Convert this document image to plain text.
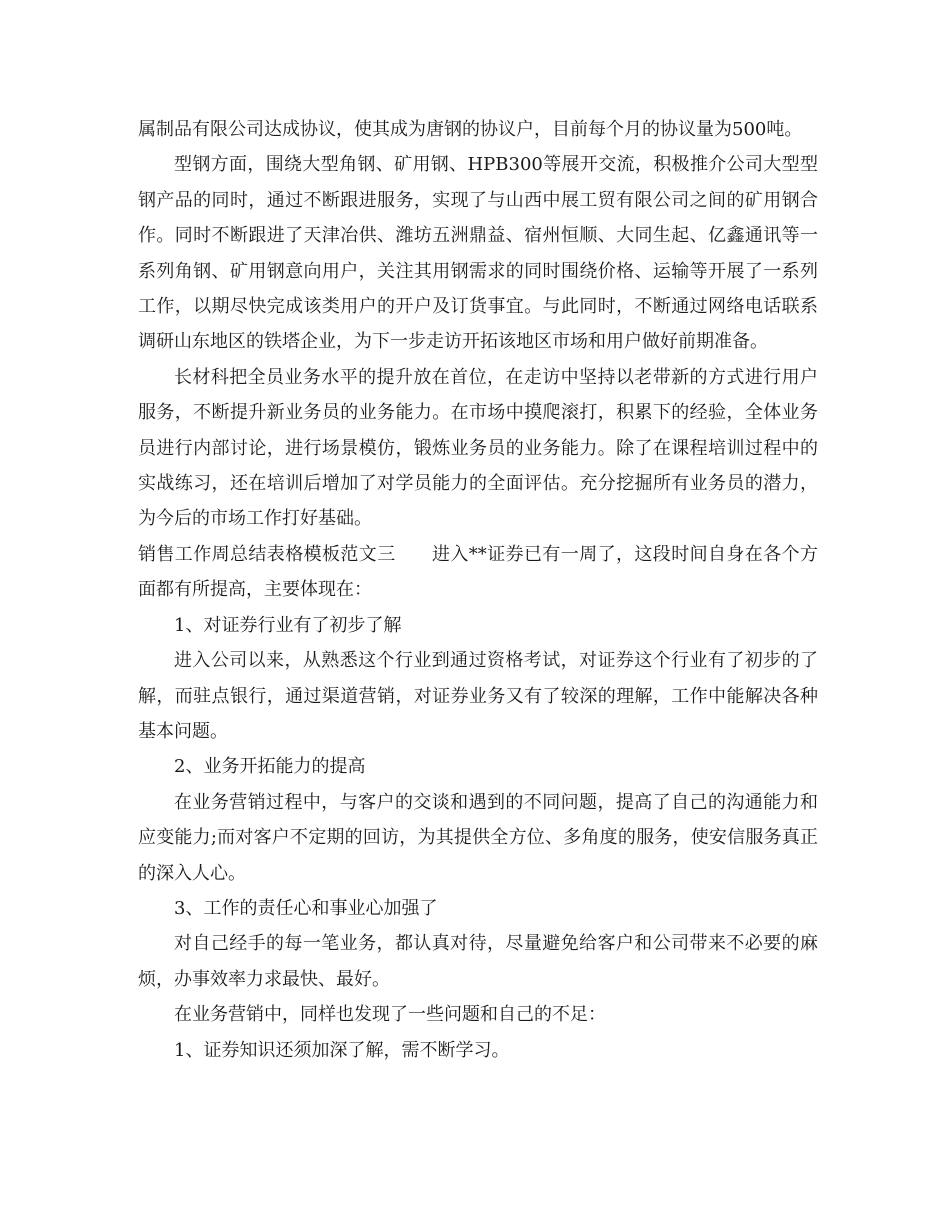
属制品有限公司达成协议，使其成为唐钢的协议户，目前每个月的协议量为500吨。

型钢方面，围绕大型角钢、矿用钢、HPB300等展开交流，积极推介公司大型型钢产品的同时，通过不断跟进服务，实现了与山西中展工贸有限公司之间的矿用钢合作。同时不断跟进了天津冶供、潍坊五洲鼎益、宿州恒顺、大同生起、亿鑫通讯等一系列角钢、矿用钢意向用户，关注其用钢需求的同时围绕价格、运输等开展了一系列工作，以期尽快完成该类用户的开户及订货事宜。与此同时，不断通过网络电话联系调研山东地区的铁塔企业，为下一步走访开拓该地区市场和用户做好前期准备。

长材科把全员业务水平的提升放在首位，在走访中坚持以老带新的方式进行用户服务，不断提升新业务员的业务能力。在市场中摸爬滚打，积累下的经验，全体业务员进行内部讨论，进行场景模仿，锻炼业务员的业务能力。除了在课程培训过程中的实战练习，还在培训后增加了对学员能力的全面评估。充分挖掘所有业务员的潜力，为今后的市场工作打好基础。

销售工作周总结表格模板范文三 进入**证券已有一周了，这段时间自身在各个方面都有所提高，主要体现在：

1、对证券行业有了初步了解

进入公司以来，从熟悉这个行业到通过资格考试，对证券这个行业有了初步的了解，而驻点银行，通过渠道营销，对证券业务又有了较深的理解，工作中能解决各种基本问题。

2、业务开拓能力的提高

在业务营销过程中，与客户的交谈和遇到的不同问题，提高了自己的沟通能力和应变能力;而对客户不定期的回访，为其提供全方位、多角度的服务，使安信服务真正的深入人心。

3、工作的责任心和事业心加强了

对自己经手的每一笔业务，都认真对待，尽量避免给客户和公司带来不必要的麻烦，办事效率力求最快、最好。

在业务营销中，同样也发现了一些问题和自己的不足：

1、证券知识还须加深了解，需不断学习。
